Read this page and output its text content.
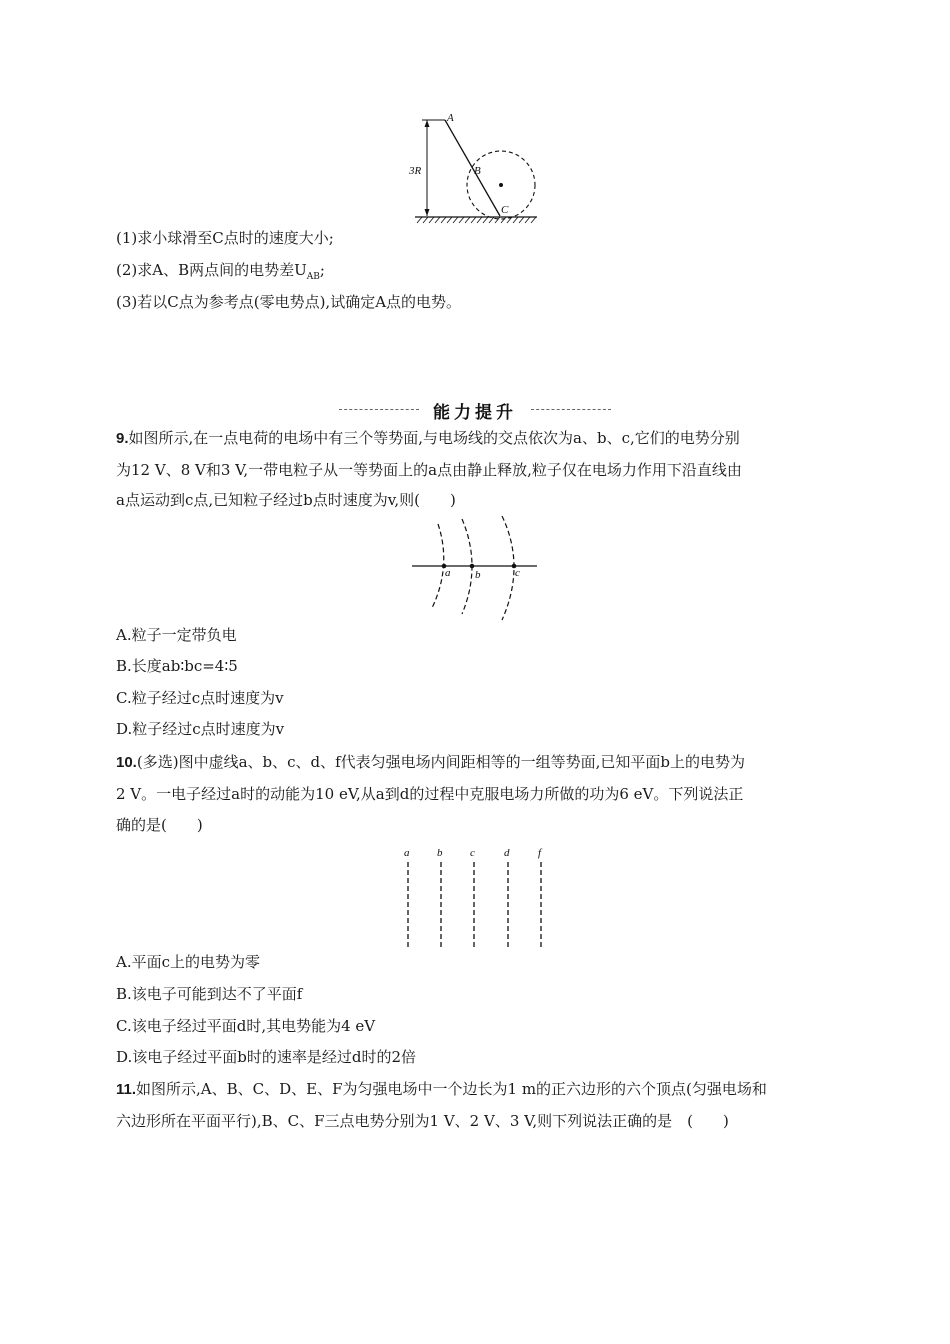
3R
A
B
C
(1)求小球滑至C点时的速度大小;
(2)求A、B两点间的电势差$U_{AB}$;
(3)若以C点为参考点(零电势点),试确定A点的电势。
能力提升
9.如图所示,在一点电荷的电场中有三个等势面,与电场线的交点依次为a、b、c,它们的电势分别
为12 V、8 V和3 V,一带电粒子从一等势面上的a点由静止释放,粒子仅在电场力作用下沿直线由
a点运动到c点,已知粒子经过b点时速度为v,则(　　)
a b	c
A.粒子一定带负电
B.长度ab∶bc=4∶5
C.粒子经过c点时速度为v
D.粒子经过c点时速度为v
10.(多选)图中虚线a、b、c、d、f代表匀强电场内间距相等的一组等势面,已知平面b上的电势为
2 V。一电子经过a时的动能为10 eV,从a到d的过程中克服电场力所做的功为6 eV。下列说法正
确的是(　　)
a	b	c	d	f
A.平面c上的电势为零
B.该电子可能到达不了平面f
C.该电子经过平面d时,其电势能为4 eV
D.该电子经过平面b时的速率是经过d时的2倍
11.如图所示,A、B、C、D、E、F为匀强电场中一个边长为1 m的正六边形的六个顶点(匀强电场和
六边形所在平面平行),B、C、F三点电势分别为1 V、2 V、3 V,则下列说法正确的是　(　　)
